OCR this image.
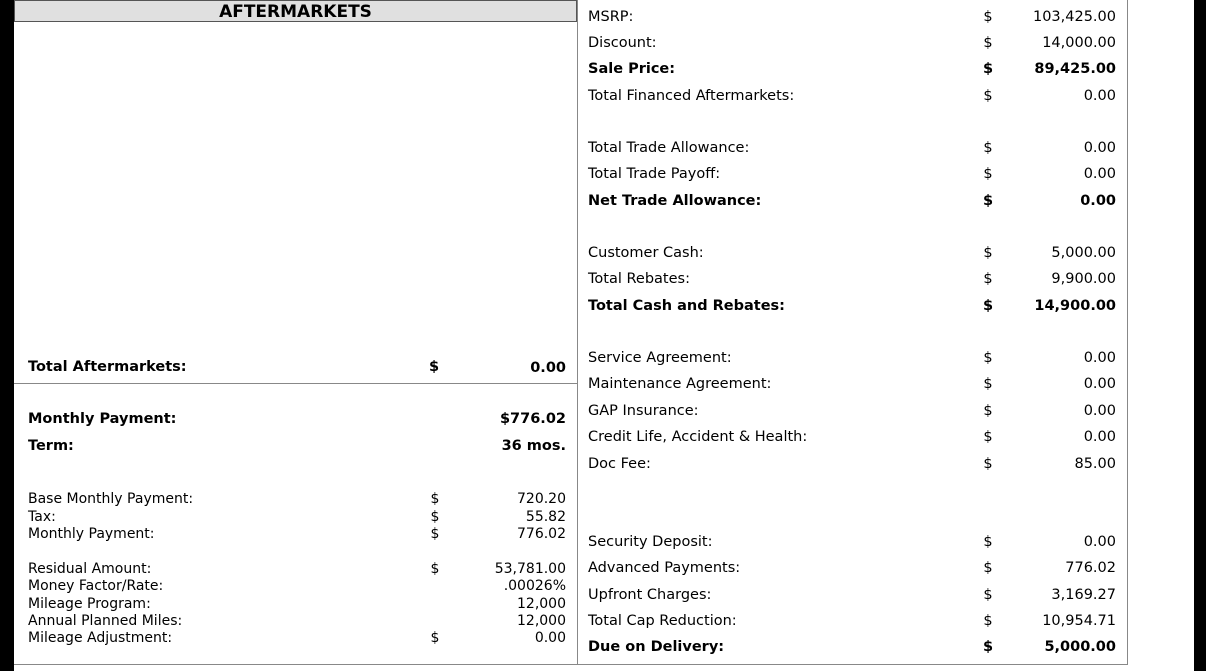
AFTERMARKETS
Total Aftermarkets:	$	0.00
Monthly Payment:	$776.02
Term:	36 mos.
Base Monthly Payment:	$	720.20
Tax:	$	55.82
Monthly Payment:	$	776.02
Residual Amount:	$	53,781.00
Money Factor/Rate:	.00026%
Mileage Program:	12,000
Annual Planned Miles:	12,000
Mileage Adjustment:	$	0.00
MSRP:	$	103,425.00
Discount:	$	14,000.00
Sale Price:	$	89,425.00
Total Financed Aftermarkets:	$	0.00
Total Trade Allowance:	$	0.00
Total Trade Payoff:	$	0.00
Net Trade Allowance:	$	0.00
Customer Cash:	$	5,000.00
Total Rebates:	$	9,900.00
Total Cash and Rebates:	$	14,900.00
Service Agreement:	$	0.00
Maintenance Agreement:	$	0.00
GAP Insurance:	$	0.00
Credit Life, Accident & Health:	$	0.00
Doc Fee:	$	85.00
Security Deposit:	$	0.00
Advanced Payments:	$	776.02
Upfront Charges:	$	3,169.27
Total Cap Reduction:	$	10,954.71
Due on Delivery:	$	5,000.00
